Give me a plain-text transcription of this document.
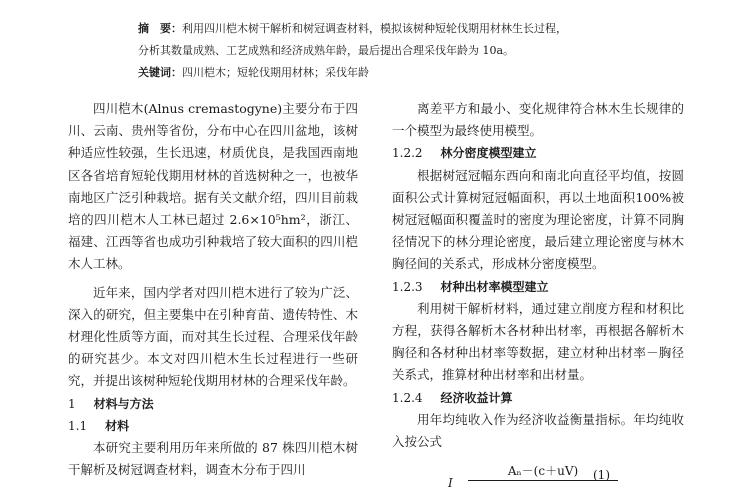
摘　要：利用四川桤木树干解析和树冠调查材料，模拟该树种短轮伐期用材林生长过程，
分析其数量成熟、工艺成熟和经济成熟年龄，最后提出合理采伐年龄为 10a。
关键词：四川桤木；短轮伐期用材林；采伐年龄

四川桤木(Alnus cremastogyne)主要分布于四川、云南、贵州等省份，分布中心在四川盆地，该树种适应性较强，生长迅速，材质优良，是我国西南地区各省培育短轮伐期用材林的首选树种之一，也被华南地区广泛引种栽培。据有关文献介绍，四川目前栽培的四川桤木人工林已超过 2.6×10⁵hm²，浙江、福建、江西等省也成功引种栽培了较大面积的四川桤木人工林。

近年来，国内学者对四川桤木进行了较为广泛、深入的研究，但主要集中在引种育苗、遗传特性、木材理化性质等方面，而对其生长过程、合理采伐年龄的研究甚少。本文对四川桤木生长过程进行一些研究，并提出该树种短轮伐期用材林的合理采伐年龄。

1 材料与方法

1.1 材料

本研究主要利用历年来所做的 87 株四川桤木树干解析及树冠调查材料，调查木分布于四川

离差平方和最小、变化规律符合林木生长规律的一个模型为最终使用模型。

1.2.2 林分密度模型建立

根据树冠冠幅东西向和南北向直径平均值，按圆面积公式计算树冠冠幅面积，再以土地面积100%被树冠冠幅面积覆盖时的密度为理论密度，计算不同胸径情况下的林分理论密度，最后建立理论密度与林木胸径间的关系式，形成林分密度模型。

1.2.3 材种出材率模型建立

利用树干解析材料，通过建立削度方程和材积比方程，获得各解析木各材种出材率，再根据各解析木胸径和各材种出材率等数据，建立材种出材率－胸径关系式，推算材种出材率和出材量。

1.2.4 经济收益计算

用年均纯收入作为经济收益衡量指标。年均纯收入按公式

I
Aₙ－(c＋uV)	(1)
